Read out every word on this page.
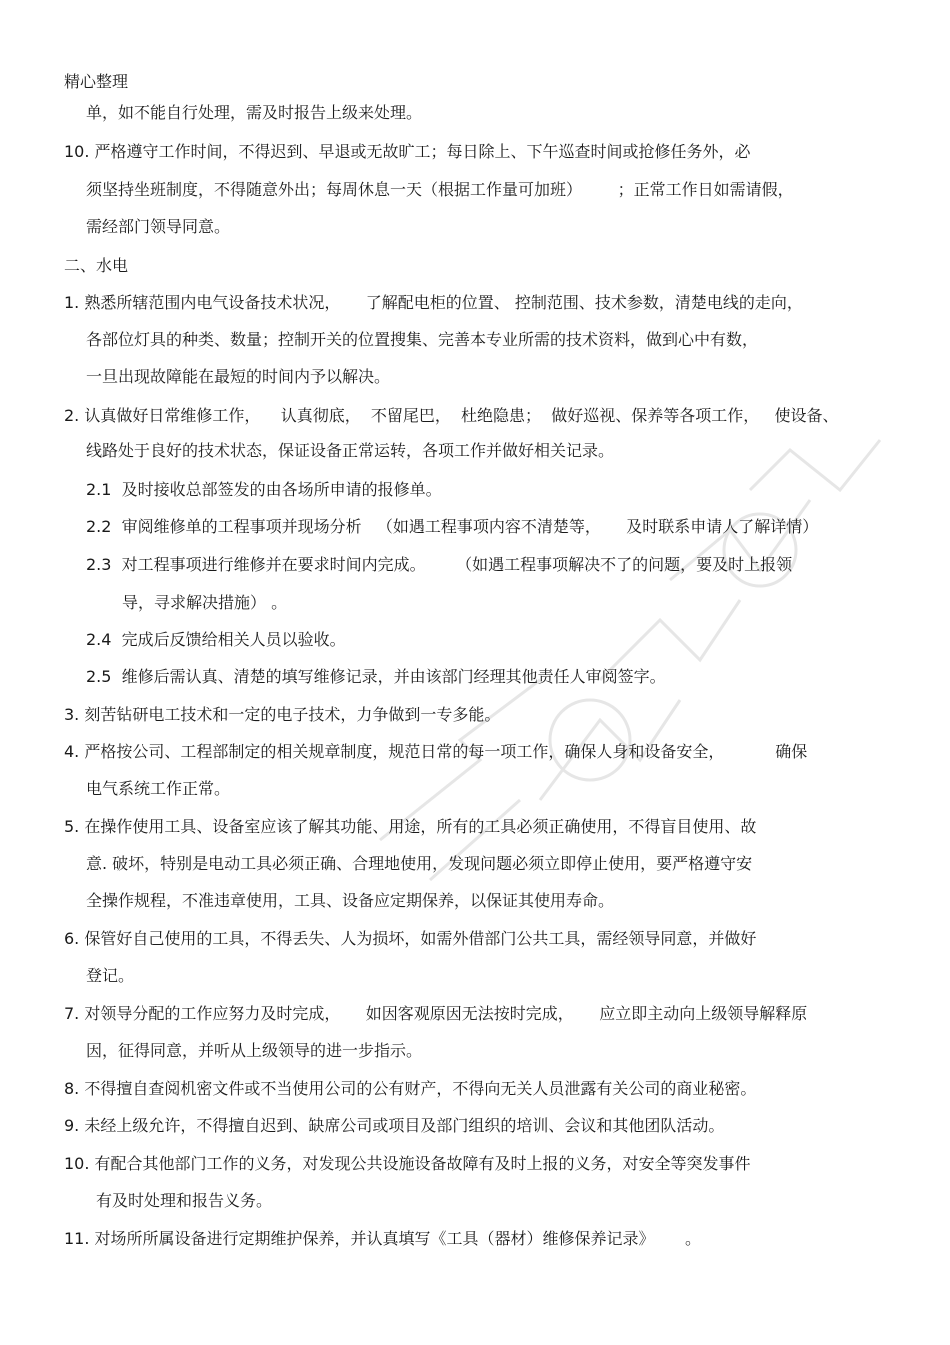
精心整理
单，如不能自行处理，需及时报告上级来处理。
10. 严格遵守工作时间，不得迟到、早退或无故旷工；每日除上、下午巡查时间或抢修任务外，必
须坚持坐班制度，不得随意外出；每周休息一天（根据工作量可加班）       ；正常工作日如需请假，
需经部门领导同意。
二、水电
1. 熟悉所辖范围内电气设备技术状况，     了解配电柜的位置、 控制范围、技术参数，清楚电线的走向，
各部位灯具的种类、数量；控制开关的位置搜集、完善本专业所需的技术资料，做到心中有数，
一旦出现故障能在最短的时间内予以解决。
2. 认真做好日常维修工作，    认真彻底，  不留尾巴，  杜绝隐患；  做好巡视、保养等各项工作，   使设备、
线路处于良好的技术状态，保证设备正常运转，各项工作并做好相关记录。
2.1  及时接收总部签发的由各场所申请的报修单。
2.2  审阅维修单的工程事项并现场分析   （如遇工程事项内容不清楚等，     及时联系申请人了解详情）
2.3  对工程事项进行维修并在要求时间内完成。      （如遇工程事项解决不了的问题，要及时上报领
导，寻求解决措施） 。
2.4  完成后反馈给相关人员以验收。
2.5  维修后需认真、清楚的填写维修记录，并由该部门经理其他责任人审阅签字。
3. 刻苦钻研电工技术和一定的电子技术，力争做到一专多能。
4. 严格按公司、工程部制定的相关规章制度，规范日常的每一项工作，确保人身和设备安全，          确保
电气系统工作正常。
5. 在操作使用工具、设备室应该了解其功能、用途，所有的工具必须正确使用，不得盲目使用、故
意. 破坏，特别是电动工具必须正确、合理地使用，发现问题必须立即停止使用，要严格遵守安
全操作规程，不准违章使用，工具、设备应定期保养，以保证其使用寿命。
6. 保管好自己使用的工具，不得丢失、人为损坏，如需外借部门公共工具，需经领导同意，并做好
登记。
7. 对领导分配的工作应努力及时完成，     如因客观原因无法按时完成，     应立即主动向上级领导解释原
因，征得同意，并听从上级领导的进一步指示。
8. 不得擅自查阅机密文件或不当使用公司的公有财产，不得向无关人员泄露有关公司的商业秘密。
9. 未经上级允许，不得擅自迟到、缺席公司或项目及部门组织的培训、会议和其他团队活动。
10. 有配合其他部门工作的义务，对发现公共设施设备故障有及时上报的义务，对安全等突发事件
有及时处理和报告义务。
11. 对场所所属设备进行定期维护保养，并认真填写《工具（器材）维修保养记录》      。
